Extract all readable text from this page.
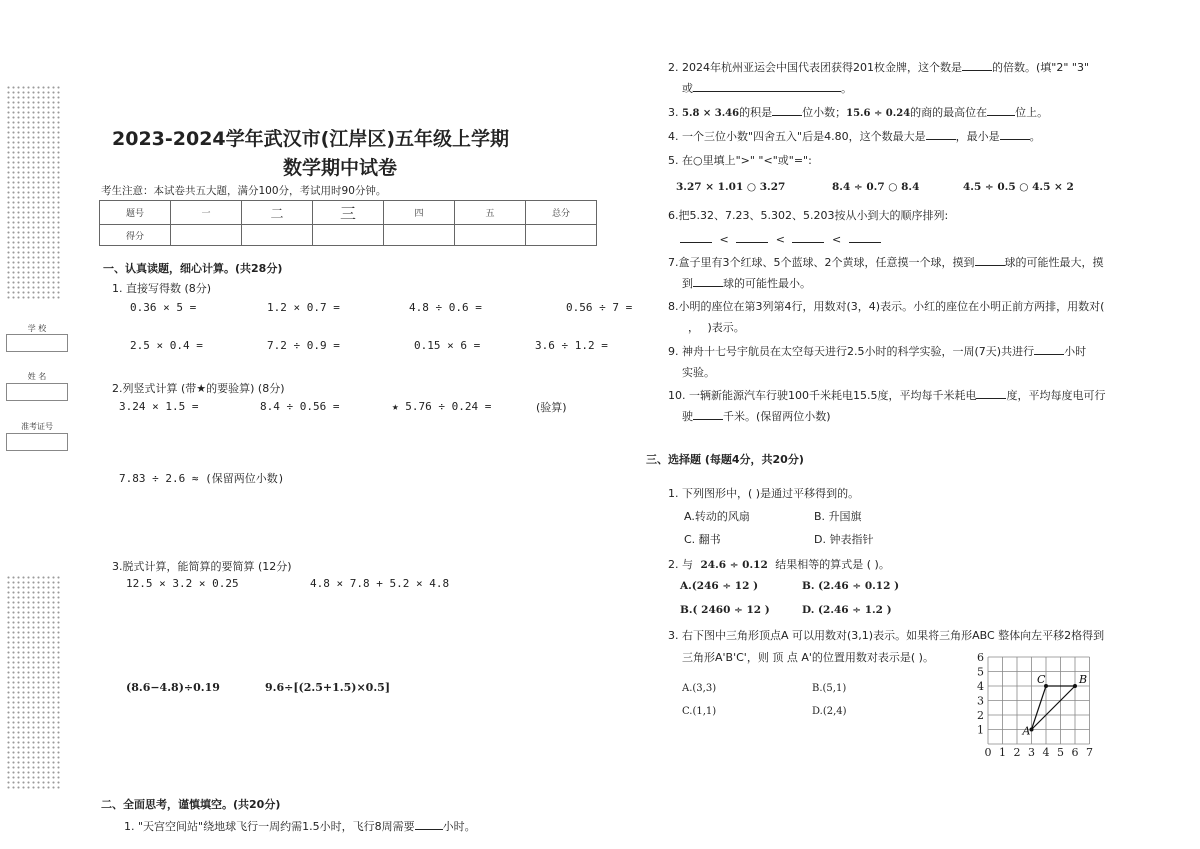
学 校
姓 名
准考证号
2023-2024学年武汉市(江岸区)五年级上学期
数学期中试卷
考生注意：本试卷共五大题，满分100分，考试用时90分钟。
题号	一	二	三	四	五	总分
得分						
一、认真读题，细心计算。(共28分)
1. 直接写得数 (8分)
0.36 × 5 =	1.2 × 0.7 =	4.8 ÷ 0.6 =	0.56 ÷ 7 =
2.5 × 0.4 =	7.2 ÷ 0.9 =	0.15 × 6 =	3.6 ÷ 1.2 =
2.列竖式计算 (带★的要验算) (8分)
3.24 × 1.5 =	8.4 ÷ 0.56 =	★ 5.76 ÷ 0.24 =	(验算)
7.83 ÷ 2.6 ≈ (保留两位小数)
3.脱式计算，能简算的要简算 (12分)
12.5 × 3.2 × 0.25	4.8 × 7.8 + 5.2 × 4.8
(8.6−4.8)÷0.19	9.6÷[(2.5+1.5)×0.5]
二、全面思考，谨慎填空。(共20分)
1. "天宫空间站"绕地球飞行一周约需1.5小时，飞行8周需要	小时。
2. 2024年杭州亚运会中国代表团获得201枚金牌，这个数是	的倍数。(填"2" "3"
或	。
3. 5.8 × 3.46的积是	位小数；15.6 ÷ 0.24的商的最高位在	位上。
4. 一个三位小数"四舍五入"后是4.80，这个数最大是	，最小是	。
5. 在○里填上">" "<"或"=":
3.27 × 1.01 ○ 3.27	8.4 ÷ 0.7 ○ 8.4	4.5 ÷ 0.5 ○ 4.5 × 2
6.把5.32、7.23、5.302、5.203按从小到大的顺序排列:
<	<	<
7.盒子里有3个红球、5个蓝球、2个黄球，任意摸一个球，摸到	球的可能性最大，摸
到	球的可能性最小。
8.小明的座位在第3列第4行，用数对(3，4)表示。小红的座位在小明正前方两排，用数对(
， )表示。
9. 神舟十七号宇航员在太空每天进行2.5小时的科学实验，一周(7天)共进行	小时
实验。
10. 一辆新能源汽车行驶100千米耗电15.5度，平均每千米耗电	度，平均每度电可行
驶	千米。(保留两位小数)
三、选择题 (每题4分，共20分)
1. 下列图形中，( )是通过平移得到的。
A.转动的风扇	B. 升国旗
C. 翻书	D. 钟表指针
2. 与 24.6 ÷ 0.12 结果相等的算式是 ( )。
A.(246 ÷ 12 )	B. (2.46 ÷ 0.12 )
B.( 2460 ÷ 12 )	D. (2.46 ÷ 1.2 )
3. 右下图中三角形顶点A 可以用数对(3,1)表示。如果将三角形ABC 整体向左平移2格得到
三角形A'B'C'，则 顶 点 A'的位置用数对表示是( )。
A.(3,3)	B.(5,1)
C.(1,1)	D.(2,4)
0 1 2 3 4 5 6 7
1
2
3
4
5
6
A
B
C
